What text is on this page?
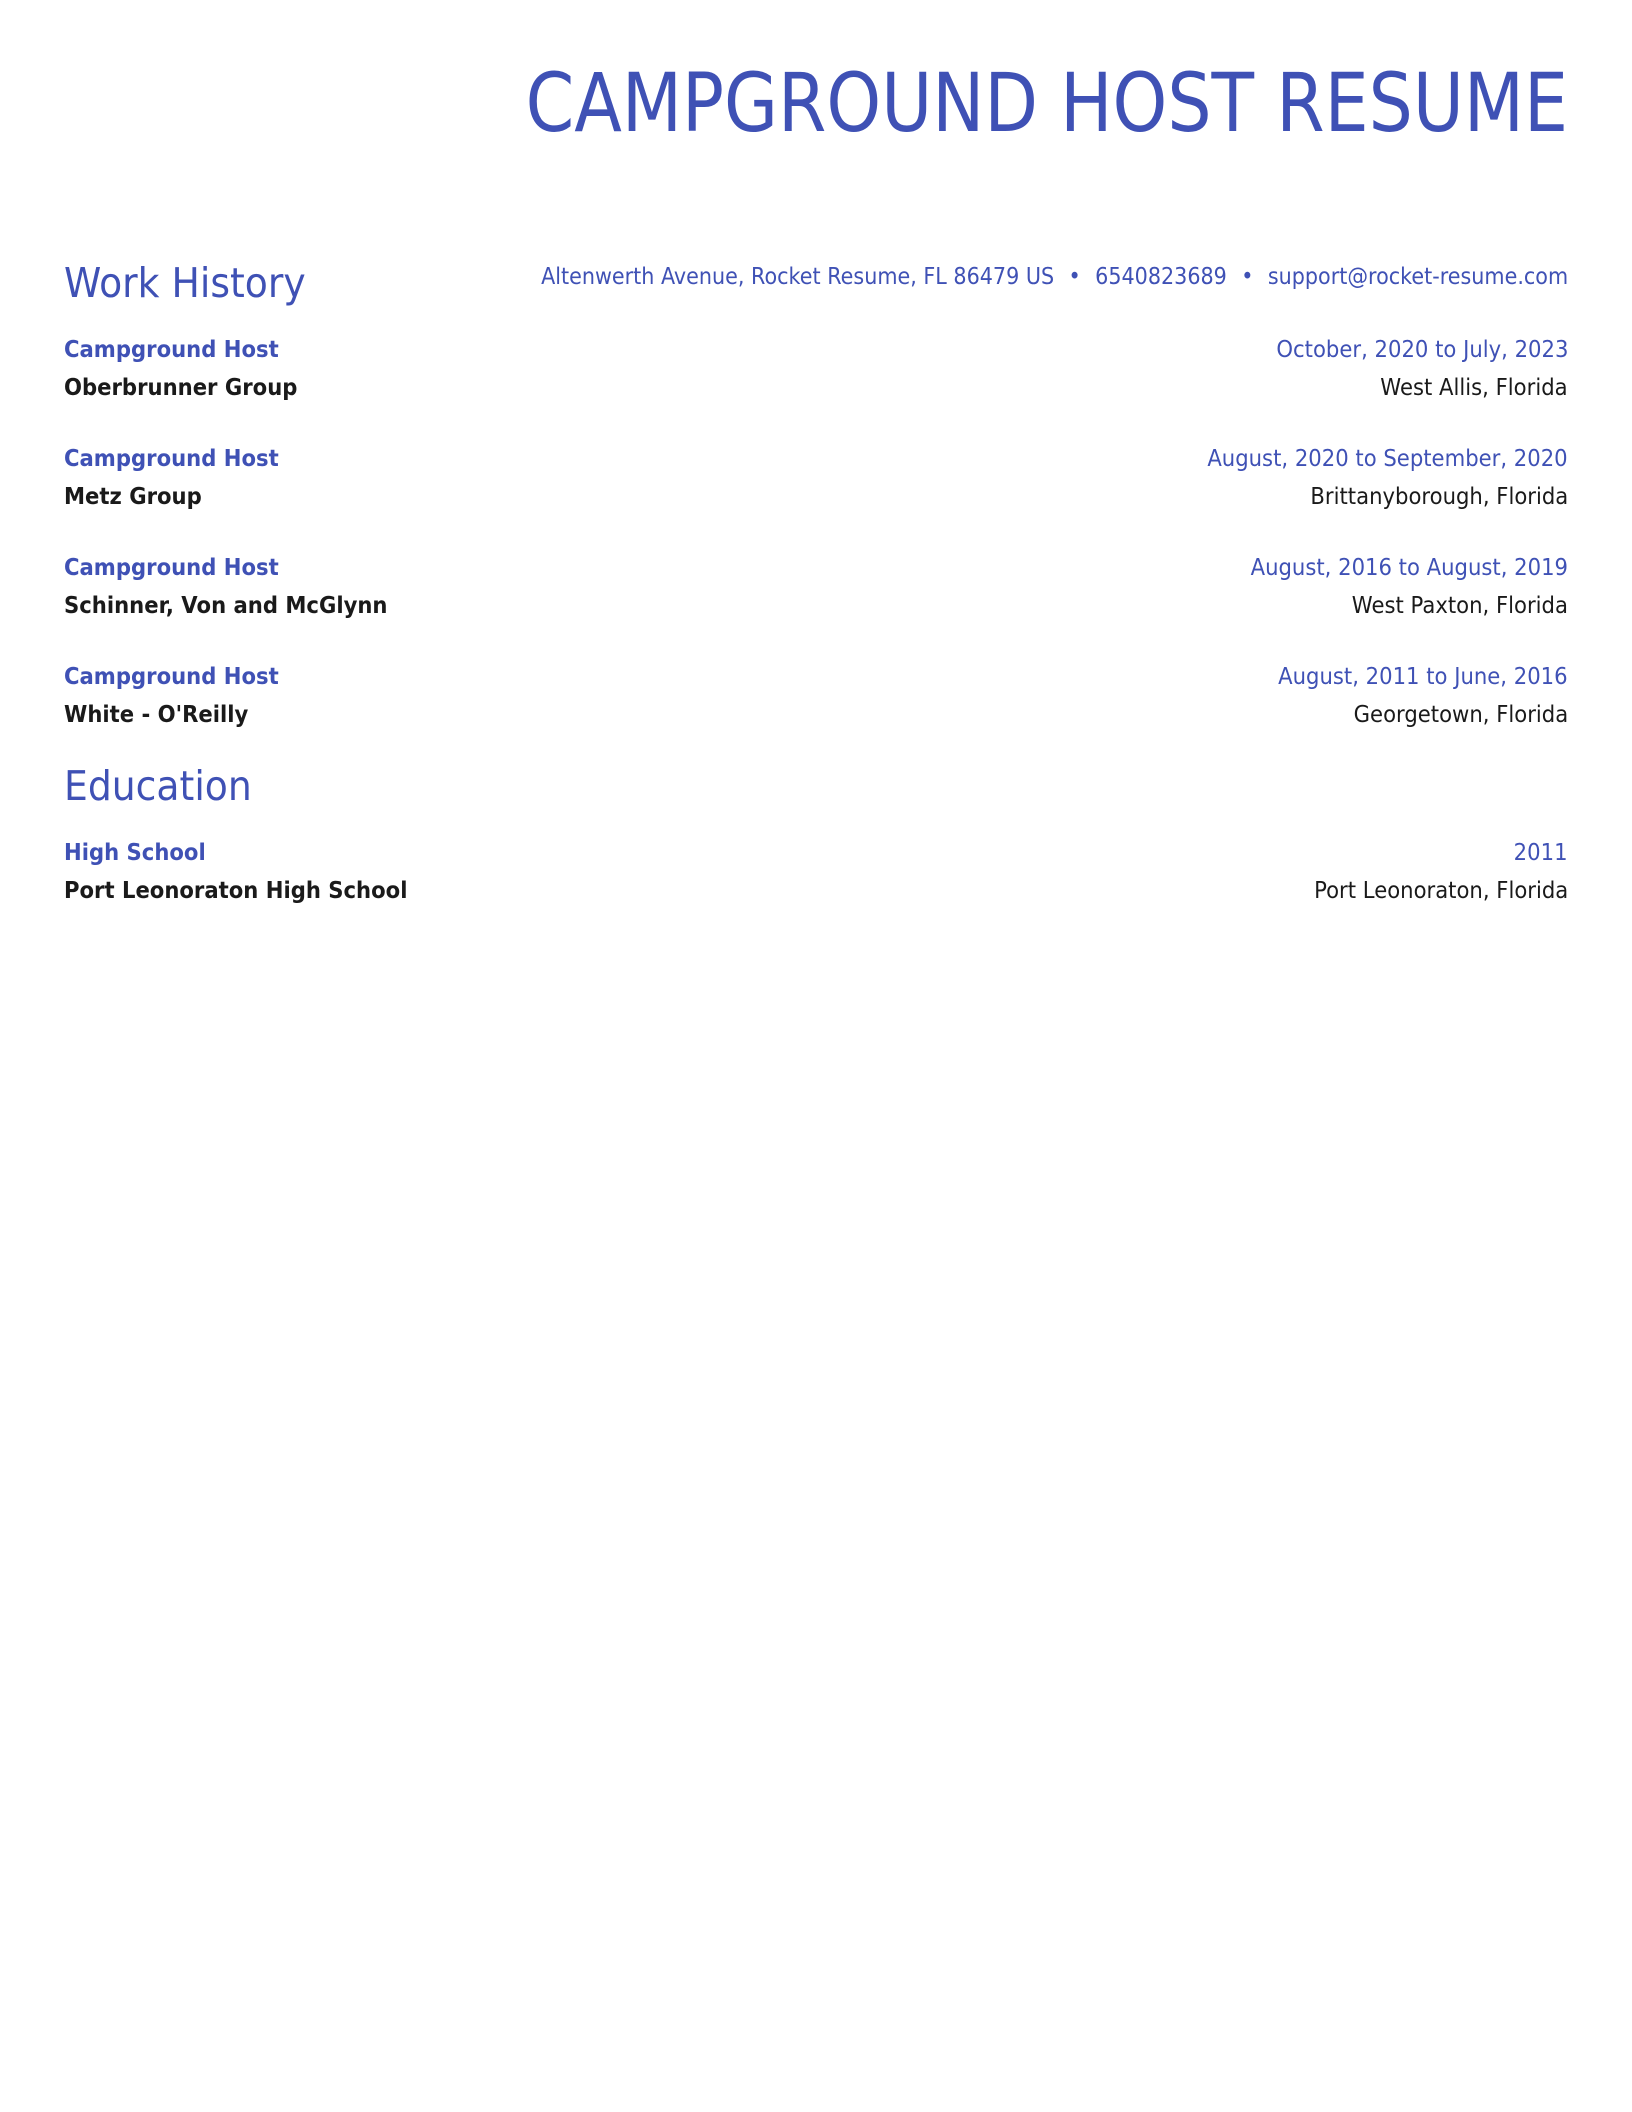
CAMPGROUND HOST RESUME
Altenwerth Avenue, Rocket Resume, FL 86479 US • 6540823689 • support@rocket-resume.com
Work History
Campground Host	October, 2020 to July, 2023
Oberbrunner Group	West Allis, Florida
Campground Host	August, 2020 to September, 2020
Metz Group	Brittanyborough, Florida
Campground Host	August, 2016 to August, 2019
Schinner, Von and McGlynn	West Paxton, Florida
Campground Host	August, 2011 to June, 2016
White - O'Reilly	Georgetown, Florida
Education
High School	2011
Port Leonoraton High School	Port Leonoraton, Florida
